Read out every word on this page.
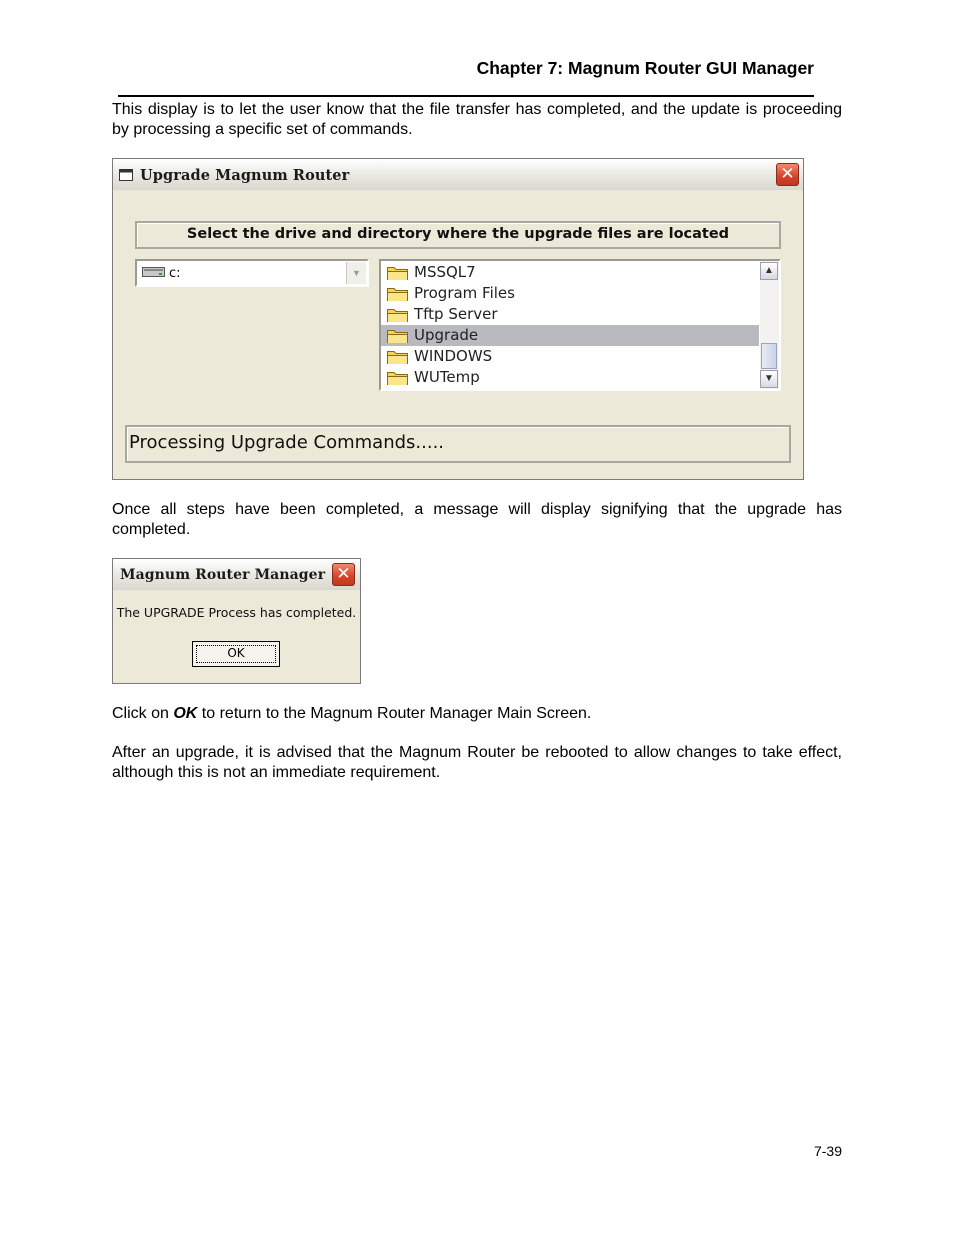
Chapter 7: Magnum Router GUI Manager
This display is to let the user know that the file transfer has completed, and the update is proceeding by processing a specific set of commands.
Upgrade Magnum Router	✕
Select the drive and directory where the upgrade files are located
c:	▼	MSSQL7
Program Files
Tftp Server
Upgrade
WINDOWS
WUTemp
▲
▼
Processing Upgrade Commands.....
Once all steps have been completed, a message will display signifying that the upgrade has completed.
Magnum Router Manager ✕
The UPGRADE Process has completed.
OK
Click on OK to return to the Magnum Router Manager Main Screen.
After an upgrade, it is advised that the Magnum Router be rebooted to allow changes to take effect, although this is not an immediate requirement.
7-39
